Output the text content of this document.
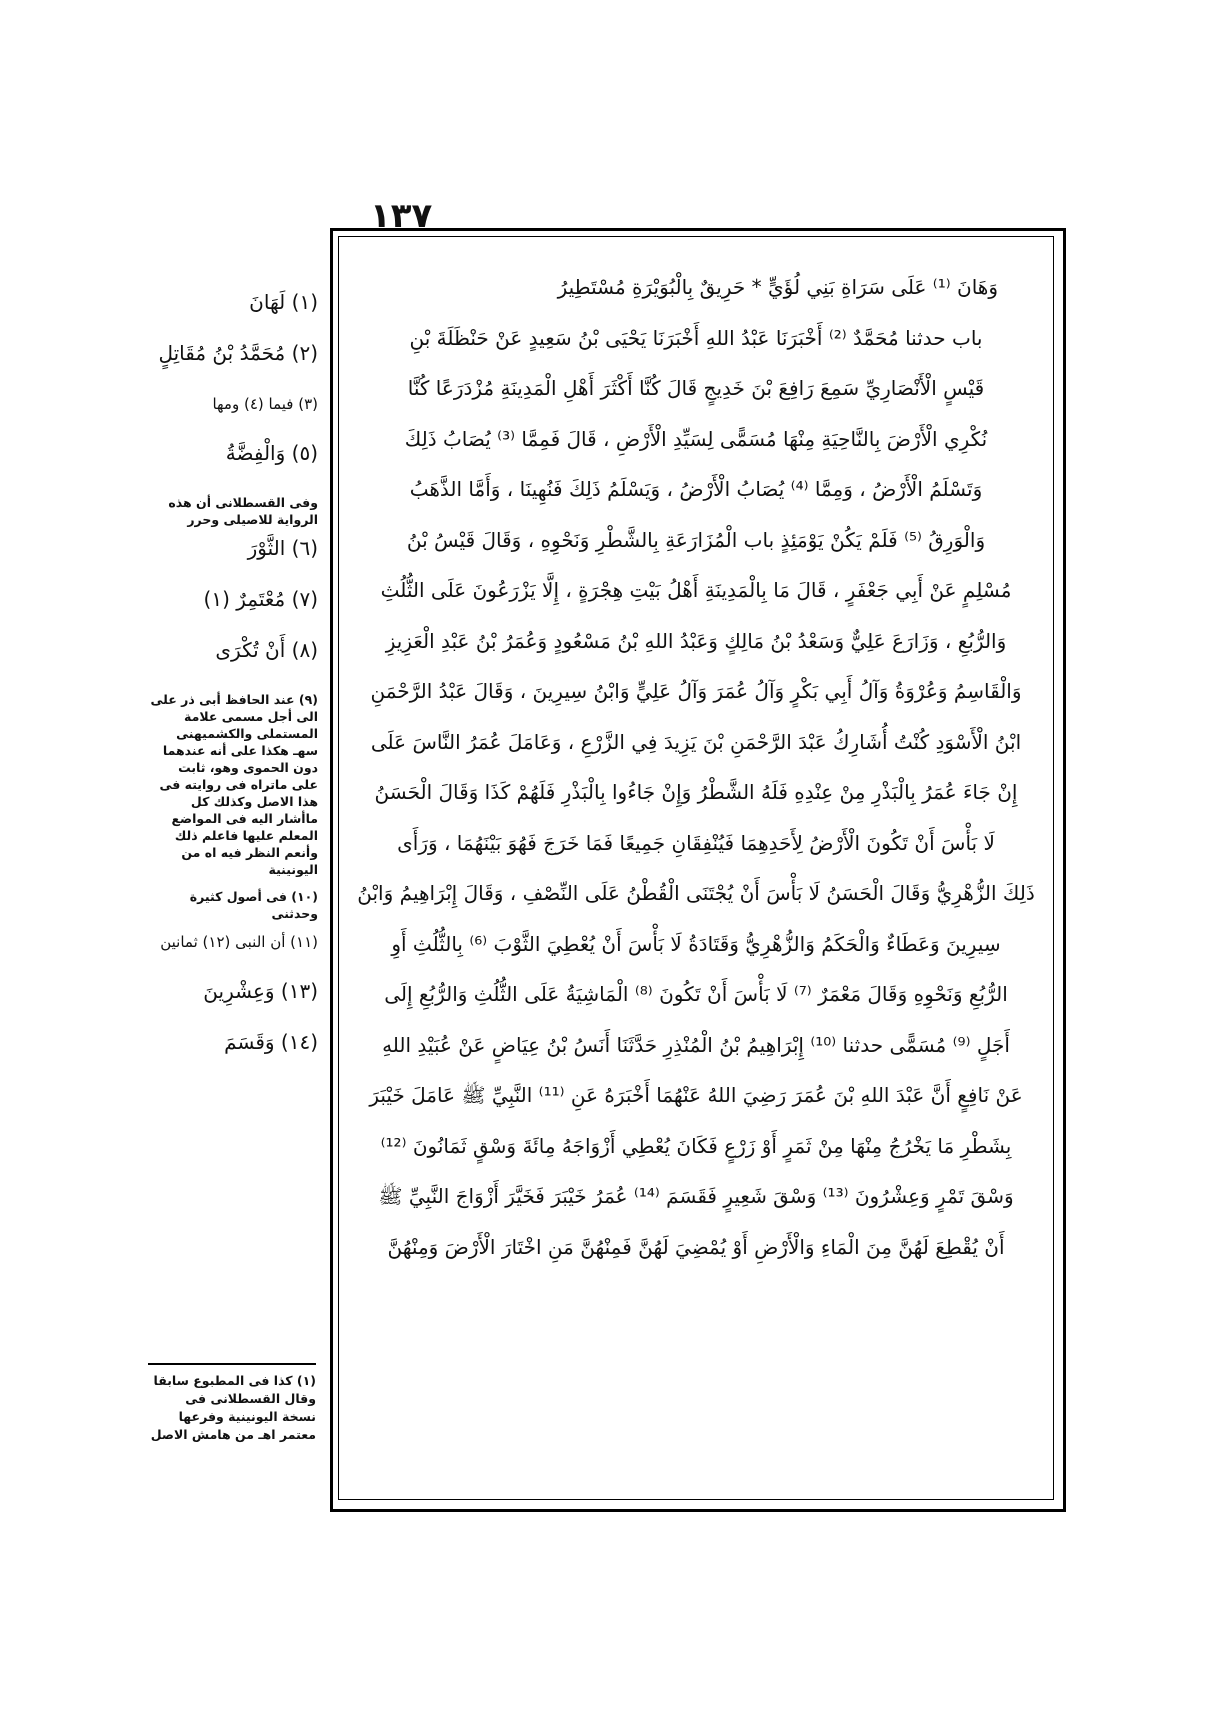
١٣٧
وَهَانَ ⁽¹⁾ عَلَى سَرَاةِ بَنِي لُؤَيٍّ * حَرِيقٌ بِالْبُوَيْرَةِ مُسْتَطِيرُ
باب حدثنا مُحَمَّدٌ ⁽²⁾ أَخْبَرَنَا عَبْدُ اللهِ أَخْبَرَنَا يَحْيَى بْنُ سَعِيدٍ عَنْ حَنْظَلَةَ بْنِ
قَيْسٍ الْأَنْصَارِيِّ سَمِعَ رَافِعَ بْنَ خَدِيجٍ قَالَ كُنَّا أَكْثَرَ أَهْلِ الْمَدِينَةِ مُزْدَرَعًا كُنَّا
نُكْرِي الْأَرْضَ بِالنَّاحِيَةِ مِنْهَا مُسَمًّى لِسَيِّدِ الْأَرْضِ ، قَالَ فَمِمَّا ⁽³⁾ يُصَابُ ذَلِكَ
وَتَسْلَمُ الْأَرْضُ ، وَمِمَّا ⁽⁴⁾ يُصَابُ الْأَرْضُ ، وَيَسْلَمُ ذَلِكَ فَنُهِينَا ، وَأَمَّا الذَّهَبُ
وَالْوَرِقُ ⁽⁵⁾ فَلَمْ يَكُنْ يَوْمَئِذٍ باب الْمُزَارَعَةِ بِالشَّطْرِ وَنَحْوِهِ ، وَقَالَ قَيْسُ بْنُ
مُسْلِمٍ عَنْ أَبِي جَعْفَرٍ ، قَالَ مَا بِالْمَدِينَةِ أَهْلُ بَيْتِ هِجْرَةٍ ، إِلَّا يَزْرَعُونَ عَلَى الثُّلُثِ
وَالرُّبُعِ ، وَزَارَعَ عَلِيٌّ وَسَعْدُ بْنُ مَالِكٍ وَعَبْدُ اللهِ بْنُ مَسْعُودٍ وَعُمَرُ بْنُ عَبْدِ الْعَزِيزِ
وَالْقَاسِمُ وَعُرْوَةُ وَآلُ أَبِي بَكْرٍ وَآلُ عُمَرَ وَآلُ عَلِيٍّ وَابْنُ سِيرِينَ ، وَقَالَ عَبْدُ الرَّحْمَنِ
ابْنُ الْأَسْوَدِ كُنْتُ أُشَارِكُ عَبْدَ الرَّحْمَنِ بْنَ يَزِيدَ فِي الزَّرْعِ ، وَعَامَلَ عُمَرُ النَّاسَ عَلَى
إِنْ جَاءَ عُمَرُ بِالْبَذْرِ مِنْ عِنْدِهِ فَلَهُ الشَّطْرُ وَإِنْ جَاءُوا بِالْبَذْرِ فَلَهُمْ كَذَا وَقَالَ الْحَسَنُ
لَا بَأْسَ أَنْ تَكُونَ الْأَرْضُ لِأَحَدِهِمَا فَيُنْفِقَانِ جَمِيعًا فَمَا خَرَجَ فَهُوَ بَيْنَهُمَا ، وَرَأَى
ذَلِكَ الزُّهْرِيُّ وَقَالَ الْحَسَنُ لَا بَأْسَ أَنْ يُجْتَنَى الْقُطْنُ عَلَى النِّصْفِ ، وَقَالَ إِبْرَاهِيمُ وَابْنُ
سِيرِينَ وَعَطَاءٌ وَالْحَكَمُ وَالزُّهْرِيُّ وَقَتَادَةُ لَا بَأْسَ أَنْ يُعْطِيَ الثَّوْبَ ⁽⁶⁾ بِالثُّلُثِ أَوِ
الرُّبُعِ وَنَحْوِهِ وَقَالَ مَعْمَرٌ ⁽⁷⁾ لَا بَأْسَ أَنْ تَكُونَ ⁽⁸⁾ الْمَاشِيَةُ عَلَى الثُّلُثِ وَالرُّبُعِ إِلَى
أَجَلٍ ⁽⁹⁾ مُسَمًّى حدثنا ⁽¹⁰⁾ إِبْرَاهِيمُ بْنُ الْمُنْذِرِ حَدَّثَنَا أَنَسُ بْنُ عِيَاضٍ عَنْ عُبَيْدِ اللهِ
عَنْ نَافِعٍ أَنَّ عَبْدَ اللهِ بْنَ عُمَرَ رَضِيَ اللهُ عَنْهُمَا أَخْبَرَهُ عَنِ ⁽¹¹⁾ النَّبِيِّ ﷺ عَامَلَ خَيْبَرَ
بِشَطْرِ مَا يَخْرُجُ مِنْهَا مِنْ ثَمَرٍ أَوْ زَرْعٍ فَكَانَ يُعْطِي أَزْوَاجَهُ مِائَةَ وَسْقٍ ثَمَانُونَ ⁽¹²⁾
وَسْقَ تَمْرٍ وَعِشْرُونَ ⁽¹³⁾ وَسْقَ شَعِيرٍ فَقَسَمَ ⁽¹⁴⁾ عُمَرُ خَيْبَرَ فَخَيَّرَ أَزْوَاجَ النَّبِيِّ ﷺ
أَنْ يُقْطِعَ لَهُنَّ مِنَ الْمَاءِ وَالْأَرْضِ أَوْ يُمْضِيَ لَهُنَّ فَمِنْهُنَّ مَنِ اخْتَارَ الْأَرْضَ وَمِنْهُنَّ
(١) لَهَانَ
(٢) مُحَمَّدُ بْنُ مُقَاتِلٍ
(٣) فيما (٤) ومها
(٥) وَالْفِضَّةُ
وفى القسطلانى أن هذه الرواية للاصيلى وحرر
(٦) الثَّوْرَ
(٧) مُعْتَمِرٌ (١)
(٨) أَنْ تُكْرَى
(٩) عند الحافظ أبى ذر على الى أجل مسمى علامة المستملى والكشميهنى سهـ هكذا على أنه عندهما دون الحموى وهو، ثابت على ماتراه فى روايته فى هذا الاصل وكذلك كل ماأشار اليه فى المواضع المعلم عليها فاعلم ذلك وأنعم النظر فيه اه من اليونينية
(١٠) فى أصول كثيرة وحدثنى
(١١) أن النبى (١٢) ثمانين
(١٣) وَعِشْرِينَ
(١٤) وَقَسَمَ
(١) كذا فى المطبوع سابقا وقال القسطلانى فى نسخة اليونينية وفرعها معتمر اهـ من هامش الاصل
